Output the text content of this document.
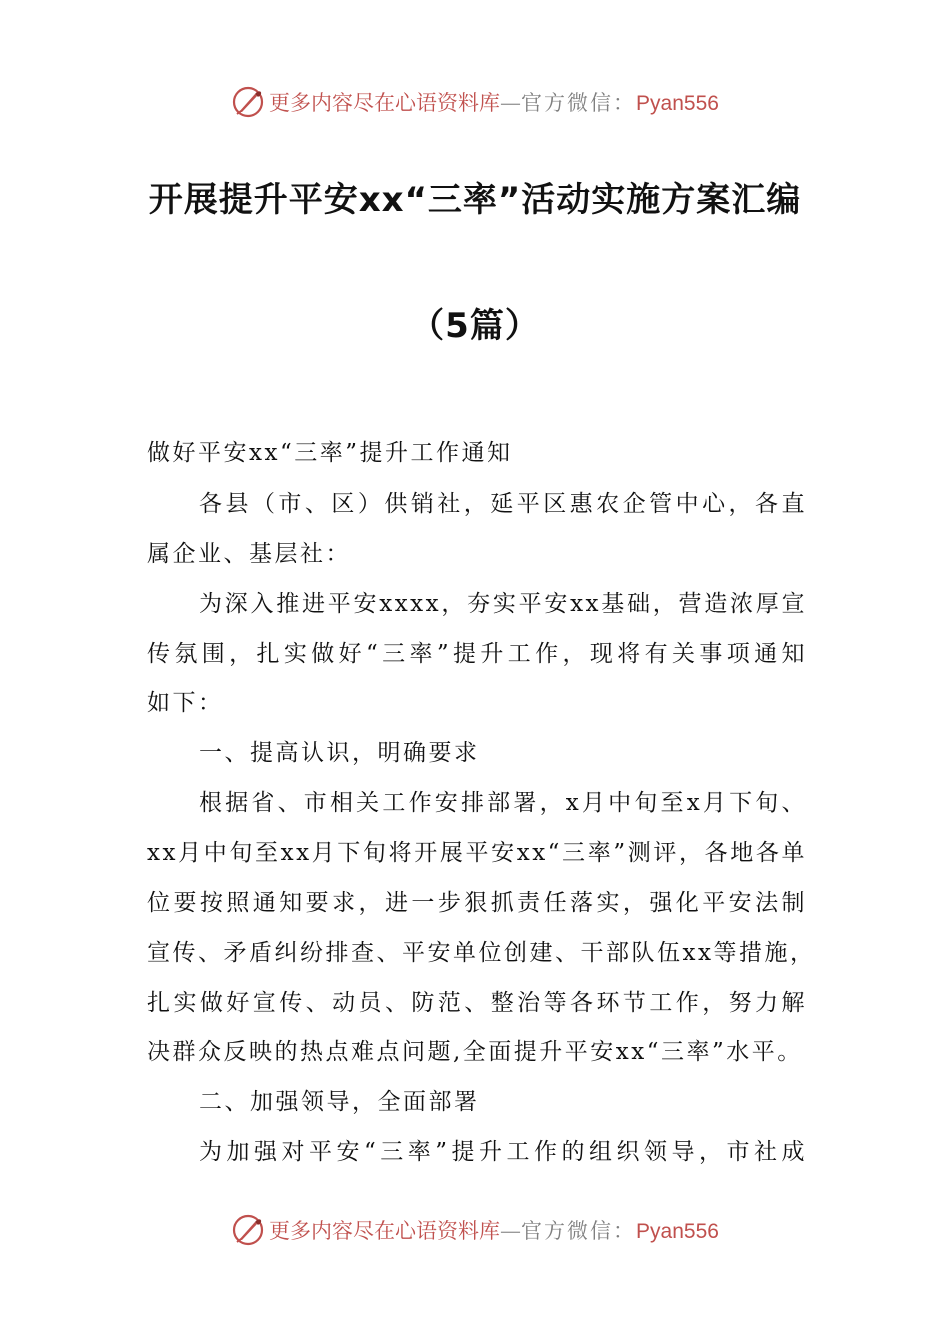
更多内容尽在心语资料库—官方微信：Pyan556
开展提升平安xx“三率”活动实施方案汇编
（5篇）
做好平安xx“三率”提升工作通知
各县（市、区）供销社，延平区惠农企管中心，各直
属企业、基层社：
为深入推进平安xxxx，夯实平安xx基础，营造浓厚宣
传氛围，扎实做好“三率”提升工作，现将有关事项通知
如下：
一、提高认识，明确要求
根据省、市相关工作安排部署，x月中旬至x月下旬、
xx月中旬至xx月下旬将开展平安xx“三率”测评，各地各单
位要按照通知要求，进一步狠抓责任落实，强化平安法制
宣传、矛盾纠纷排查、平安单位创建、干部队伍xx等措施，
扎实做好宣传、动员、防范、整治等各环节工作，努力解
决群众反映的热点难点问题,全面提升平安xx“三率”水平。
二、加强领导，全面部署
为加强对平安“三率”提升工作的组织领导，市社成
更多内容尽在心语资料库—官方微信：Pyan556
